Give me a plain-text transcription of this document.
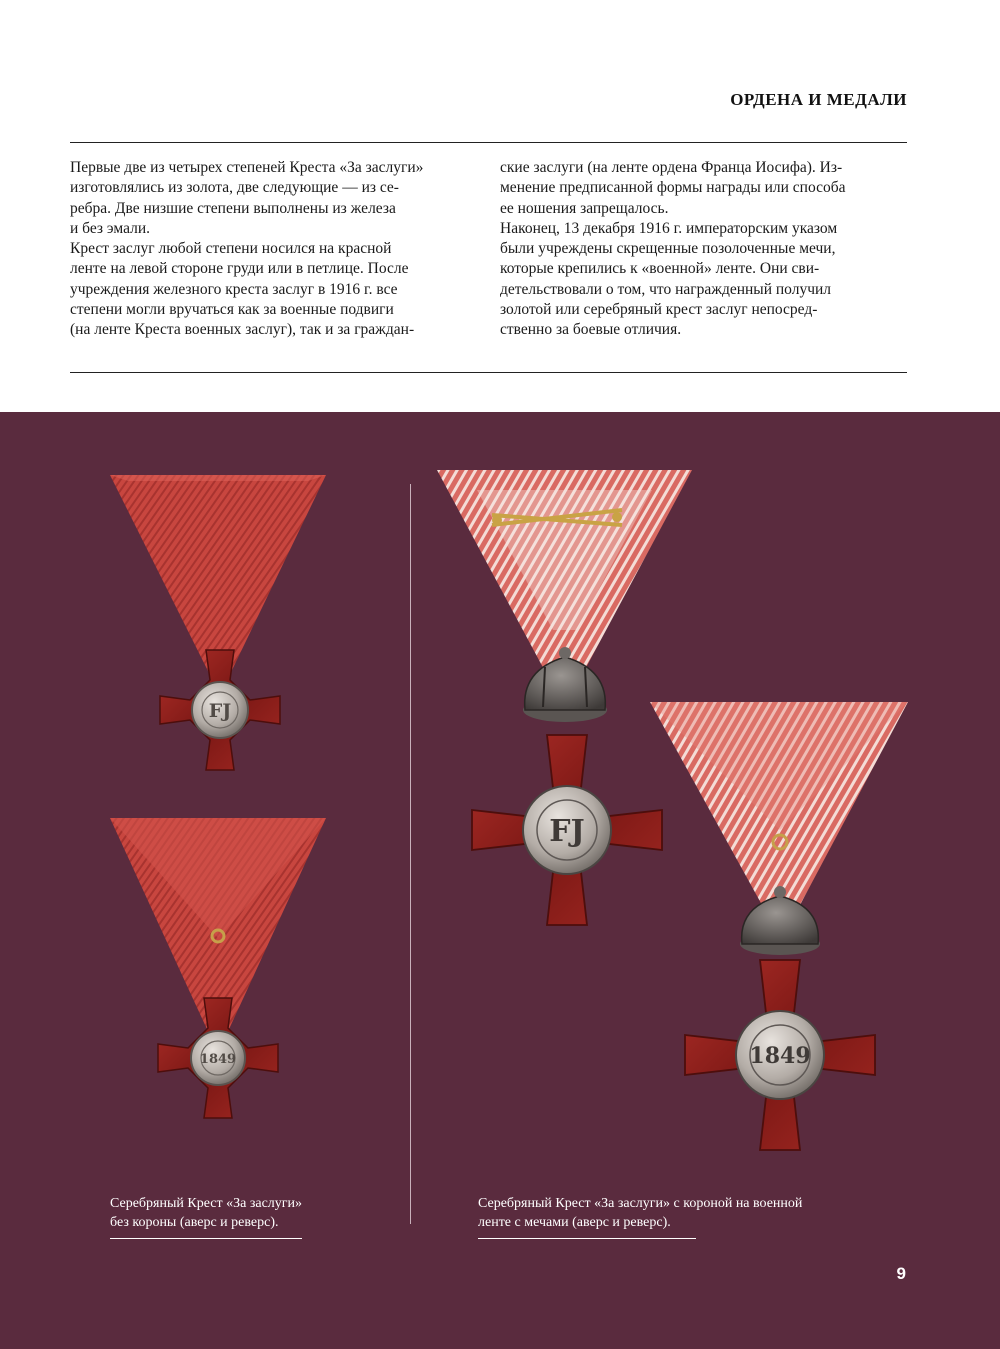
ОРДЕНА И МЕДАЛИ

Первые две из четырех степеней Креста «За заслуги»

изготовлялись из золота, две следующие — из се-

ребра. Две низшие степени выполнены из железа

и без эмали.

Крест заслуг любой степени носился на красной

ленте на левой стороне груди или в петлице. После

учреждения железного креста заслуг в 1916 г. все

степени могли вручаться как за военные подвиги

(на ленте Креста военных заслуг), так и за граждан-

ские заслуги (на ленте ордена Франца Иосифа). Из-

менение предписанной формы награды или способа

ее ношения запрещалось.

Наконец, 13 декабря 1916 г. императорским указом

были учреждены скрещенные позолоченные мечи,

которые крепились к «военной» ленте. Они сви-

детельствовали о том, что награжденный получил

золотой или серебряный крест заслуг непосред-

ственно за боевые отличия.

FJ
1849
FJ
1849
Серебряный Крест «За заслуги»
без короны (аверс и реверс).
Серебряный Крест «За заслуги» с короной на военной
ленте с мечами (аверс и реверс).
9
